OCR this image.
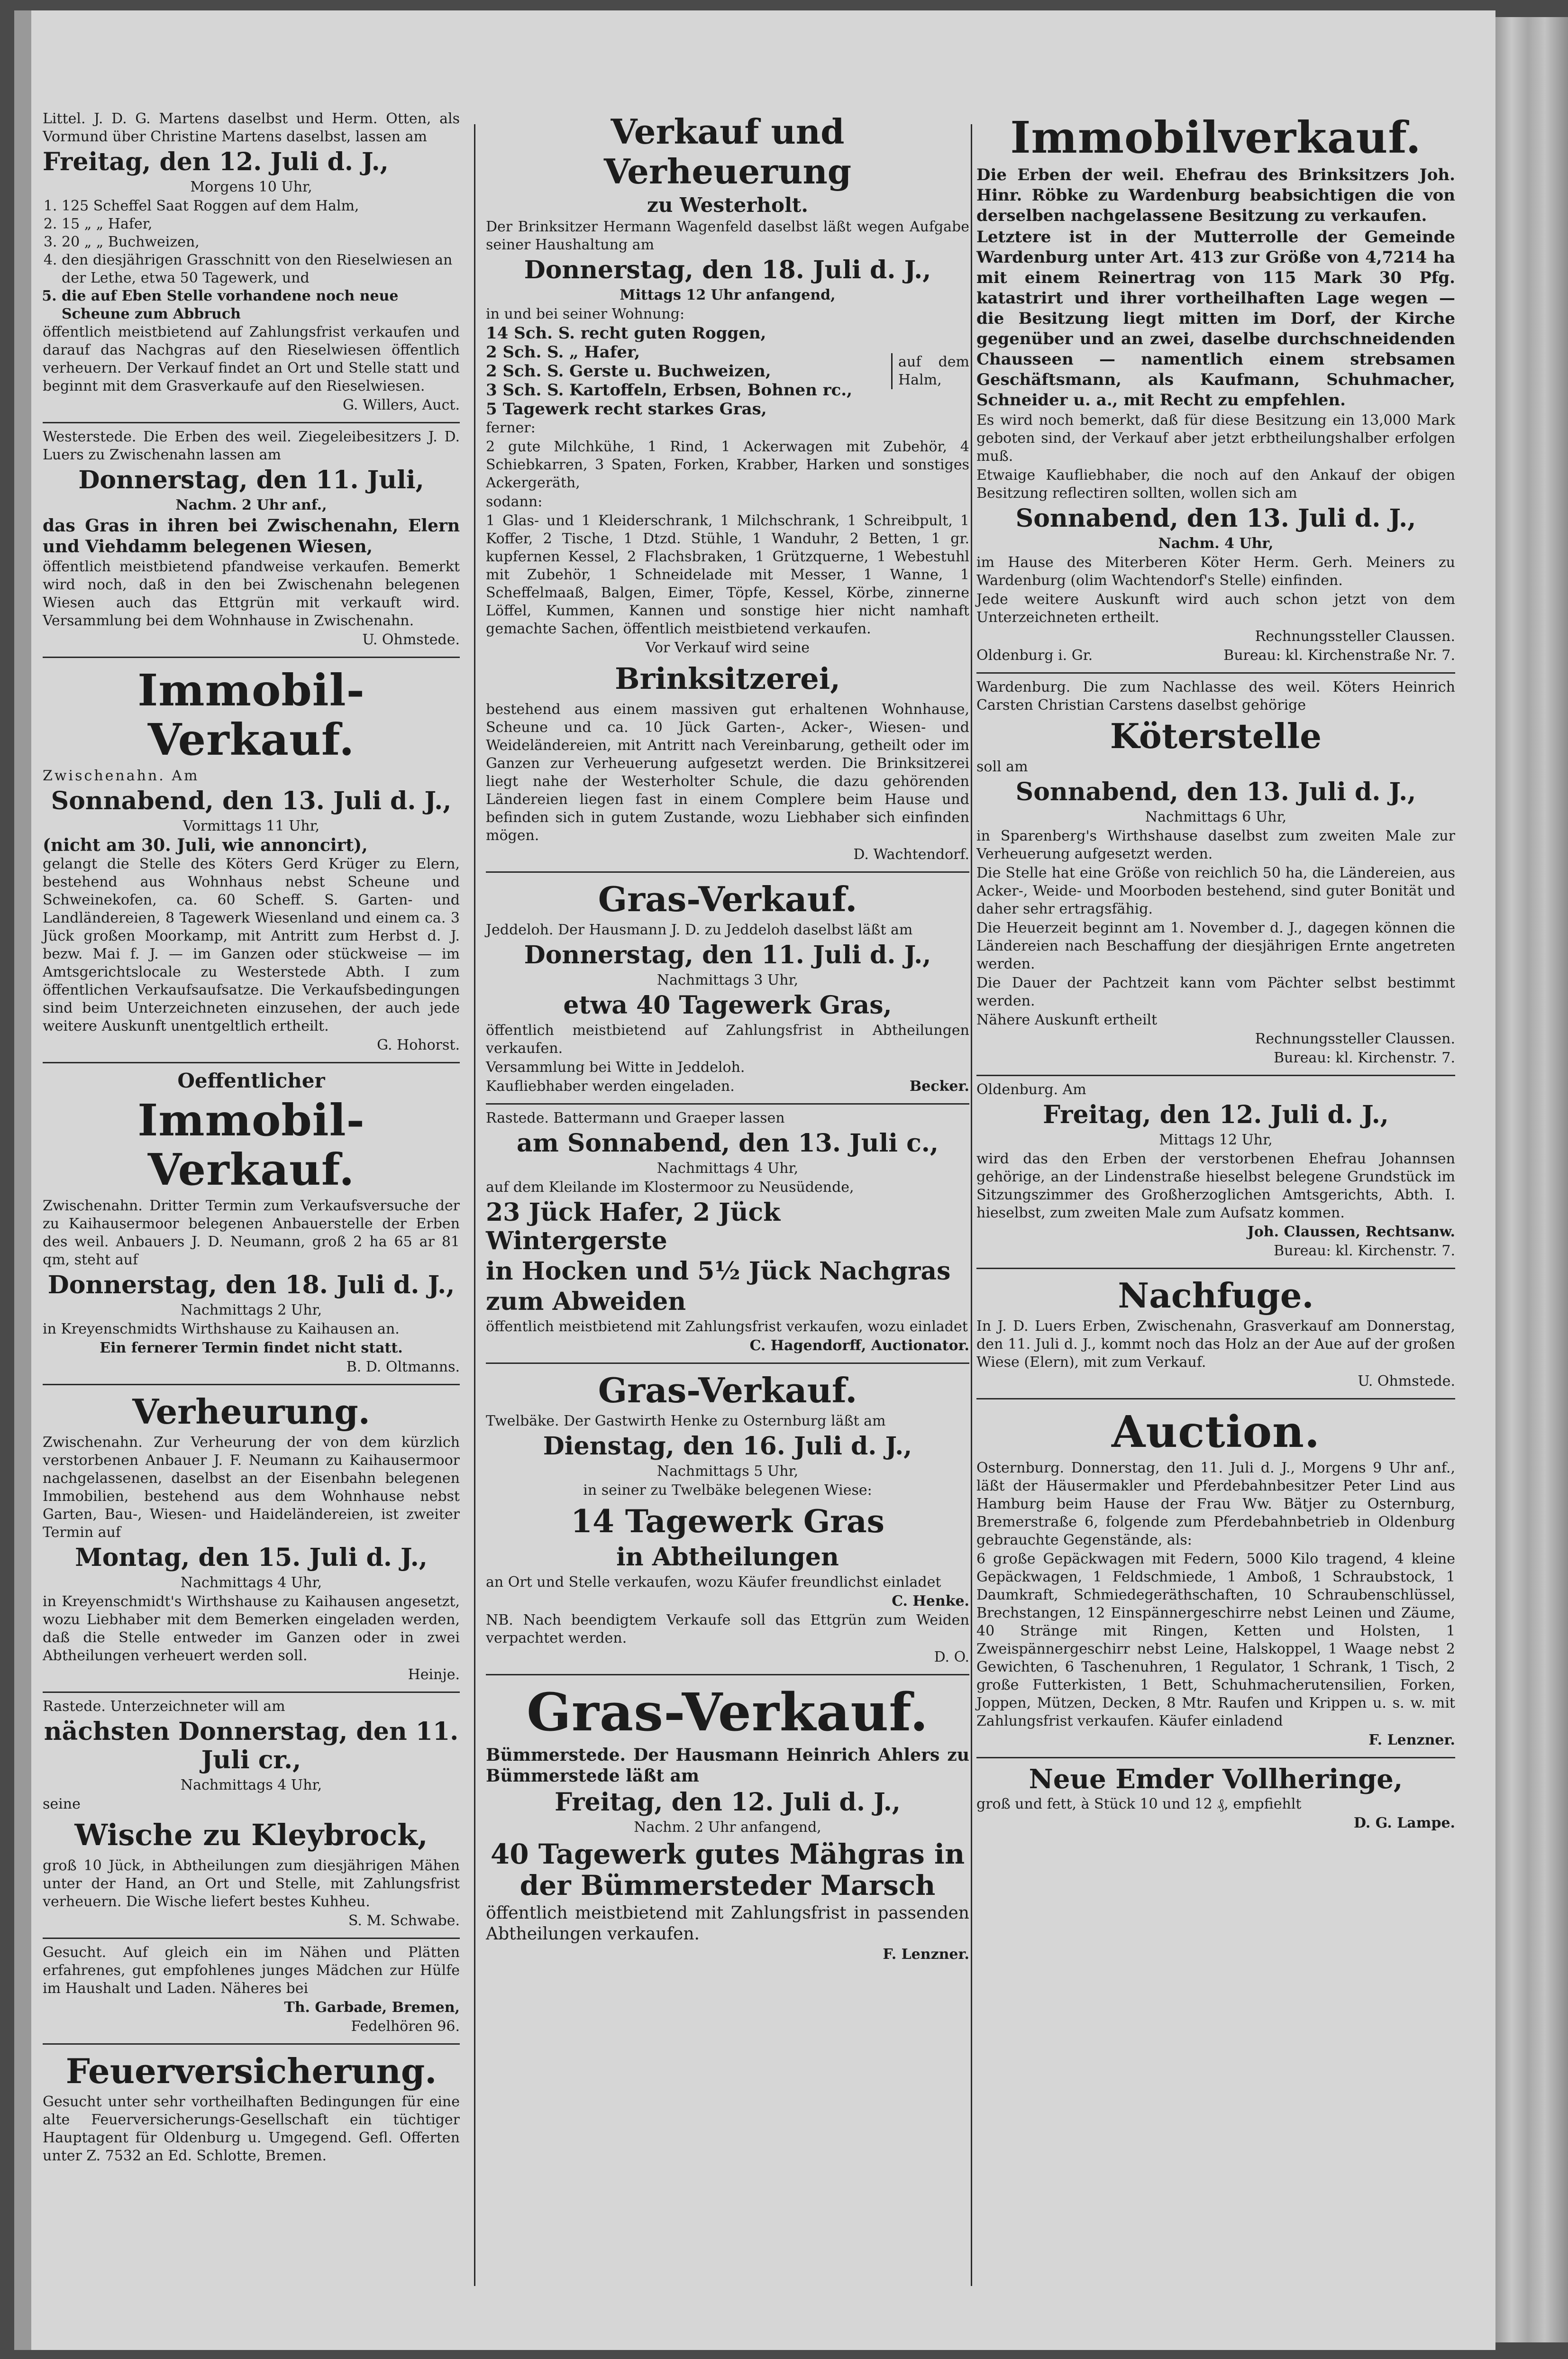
Littel. J. D. G. Martens daselbst und Herm. Otten, als Vormund über Christine Martens daselbst, lassen am

Freitag, den 12. Juli d. J.,

Morgens 10 Uhr,

1. 125 Scheffel Saat Roggen auf dem Halm,
2. 15 „ „ Hafer,
3. 20 „ „ Buchweizen,
4. den diesjährigen Grasschnitt von den Rieselwiesen an der Lethe, etwa 50 Tagewerk, und
5. die auf Eben Stelle vorhandene noch neue Scheune zum Abbruch

öffentlich meistbietend auf Zahlungsfrist verkaufen und darauf das Nachgras auf den Rieselwiesen öffentlich verheuern. Der Verkauf findet an Ort und Stelle statt und beginnt mit dem Grasverkaufe auf den Rieselwiesen.

G. Willers, Auct.

Westerstede. Die Erben des weil. Ziegeleibesitzers J. D. Luers zu Zwischenahn lassen am

Donnerstag, den 11. Juli,

Nachm. 2 Uhr anf.,

das Gras in ihren bei Zwischenahn, Elern und Viehdamm belegenen Wiesen,

öffentlich meistbietend pfandweise verkaufen. Bemerkt wird noch, daß in den bei Zwischenahn belegenen Wiesen auch das Ettgrün mit verkauft wird. Versammlung bei dem Wohnhause in Zwischenahn.

U. Ohmstede.

Immobil-Verkauf.

Zwischenahn. Am

Sonnabend, den 13. Juli d. J.,

Vormittags 11 Uhr,

(nicht am 30. Juli, wie annoncirt),

gelangt die Stelle des Köters Gerd Krüger zu Elern, bestehend aus Wohnhaus nebst Scheune und Schweinekofen, ca. 60 Scheff. S. Garten- und Landländereien, 8 Tagewerk Wiesenland und einem ca. 3 Jück großen Moorkamp, mit Antritt zum Herbst d. J. bezw. Mai f. J. — im Ganzen oder stückweise — im Amtsgerichtslocale zu Westerstede Abth. I zum öffentlichen Verkaufsaufsatze. Die Verkaufsbedingungen sind beim Unterzeichneten einzusehen, der auch jede weitere Auskunft unentgeltlich ertheilt.

G. Hohorst.

Oeffentlicher
Immobil-Verkauf.

Zwischenahn. Dritter Termin zum Verkaufsversuche der zu Kaihausermoor belegenen Anbauerstelle der Erben des weil. Anbauers J. D. Neumann, groß 2 ha 65 ar 81 qm, steht auf

Donnerstag, den 18. Juli d. J.,

Nachmittags 2 Uhr,

in Kreyenschmidts Wirthshause zu Kaihausen an.

Ein fernerer Termin findet nicht statt.

B. D. Oltmanns.

Verheurung.

Zwischenahn. Zur Verheurung der von dem kürzlich verstorbenen Anbauer J. F. Neumann zu Kaihausermoor nachgelassenen, daselbst an der Eisenbahn belegenen Immobilien, bestehend aus dem Wohnhause nebst Garten, Bau-, Wiesen- und Haideländereien, ist zweiter Termin auf

Montag, den 15. Juli d. J.,

Nachmittags 4 Uhr,

in Kreyenschmidt's Wirthshause zu Kaihausen angesetzt, wozu Liebhaber mit dem Bemerken eingeladen werden, daß die Stelle entweder im Ganzen oder in zwei Abtheilungen verheuert werden soll.

Heinje.

Rastede. Unterzeichneter will am

nächsten Donnerstag, den 11. Juli cr.,

Nachmittags 4 Uhr,

seine

Wische zu Kleybrock,

groß 10 Jück, in Abtheilungen zum diesjährigen Mähen unter der Hand, an Ort und Stelle, mit Zahlungsfrist verheuern. Die Wische liefert bestes Kuhheu.

S. M. Schwabe.

Gesucht. Auf gleich ein im Nähen und Plätten erfahrenes, gut empfohlenes junges Mädchen zur Hülfe im Haushalt und Laden. Näheres bei

Th. Garbade, Bremen,

Fedelhören 96.

Feuerversicherung.

Gesucht unter sehr vortheilhaften Bedingungen für eine alte Feuerversicherungs-Gesellschaft ein tüchtiger Hauptagent für Oldenburg u. Umgegend. Gefl. Offerten unter Z. 7532 an Ed. Schlotte, Bremen.

Verkauf und Verheuerung
zu Westerholt.

Der Brinksitzer Hermann Wagenfeld daselbst läßt wegen Aufgabe seiner Haushaltung am

Donnerstag, den 18. Juli d. J.,

Mittags 12 Uhr anfangend,

in und bei seiner Wohnung:

14 Sch. S. recht guten Roggen,

2 Sch. S. „ Hafer,

2 Sch. S. Gerste u. Buchweizen,

3 Sch. S. Kartoffeln, Erbsen, Bohnen rc.,

5 Tagewerk recht starkes Gras,

auf dem Halm,

ferner:

2 gute Milchkühe, 1 Rind, 1 Ackerwagen mit Zubehör, 4 Schiebkarren, 3 Spaten, Forken, Krabber, Harken und sonstiges Ackergeräth,

sodann:

1 Glas- und 1 Kleiderschrank, 1 Milchschrank, 1 Schreibpult, 1 Koffer, 2 Tische, 1 Dtzd. Stühle, 1 Wanduhr, 2 Betten, 1 gr. kupfernen Kessel, 2 Flachsbraken, 1 Grützquerne, 1 Webestuhl mit Zubehör, 1 Schneidelade mit Messer, 1 Wanne, 1 Scheffelmaaß, Balgen, Eimer, Töpfe, Kessel, Körbe, zinnerne Löffel, Kummen, Kannen und sonstige hier nicht namhaft gemachte Sachen, öffentlich meistbietend verkaufen.

Vor Verkauf wird seine

Brinksitzerei,

bestehend aus einem massiven gut erhaltenen Wohnhause, Scheune und ca. 10 Jück Garten-, Acker-, Wiesen- und Weideländereien, mit Antritt nach Vereinbarung, getheilt oder im Ganzen zur Verheuerung aufgesetzt werden. Die Brinksitzerei liegt nahe der Westerholter Schule, die dazu gehörenden Ländereien liegen fast in einem Complere beim Hause und befinden sich in gutem Zustande, wozu Liebhaber sich einfinden mögen.

D. Wachtendorf.

Gras-Verkauf.

Jeddeloh. Der Hausmann J. D. zu Jeddeloh daselbst läßt am

Donnerstag, den 11. Juli d. J.,

Nachmittags 3 Uhr,

etwa 40 Tagewerk Gras,

öffentlich meistbietend auf Zahlungsfrist in Abtheilungen verkaufen.

Versammlung bei Witte in Jeddeloh.

Kaufliebhaber werden eingeladen.	Becker.

Rastede. Battermann und Graeper lassen

am Sonnabend, den 13. Juli c.,

Nachmittags 4 Uhr,

auf dem Kleilande im Klostermoor zu Neusüdende,

23 Jück Hafer, 2 Jück Wintergerste
in Hocken und 5½ Jück Nachgras
zum Abweiden

öffentlich meistbietend mit Zahlungsfrist verkaufen, wozu einladet

C. Hagendorff, Auctionator.

Gras-Verkauf.

Twelbäke. Der Gastwirth Henke zu Osternburg läßt am

Dienstag, den 16. Juli d. J.,

Nachmittags 5 Uhr,

in seiner zu Twelbäke belegenen Wiese:

14 Tagewerk Gras
in Abtheilungen

an Ort und Stelle verkaufen, wozu Käufer freundlichst einladet

C. Henke.

NB. Nach beendigtem Verkaufe soll das Ettgrün zum Weiden verpachtet werden.

D. O.

Gras-Verkauf.

Bümmerstede. Der Hausmann Heinrich Ahlers zu Bümmerstede läßt am

Freitag, den 12. Juli d. J.,

Nachm. 2 Uhr anfangend,

40 Tagewerk gutes Mähgras in der Bümmersteder Marsch

öffentlich meistbietend mit Zahlungsfrist in passenden Abtheilungen verkaufen.

F. Lenzner.

Immobilverkauf.

Die Erben der weil. Ehefrau des Brinksitzers Joh. Hinr. Röbke zu Wardenburg beabsichtigen die von derselben nachgelassene Besitzung zu verkaufen.

Letztere ist in der Mutterrolle der Gemeinde Wardenburg unter Art. 413 zur Größe von 4,7214 ha mit einem Reinertrag von 115 Mark 30 Pfg. katastrirt und ihrer vortheilhaften Lage wegen — die Besitzung liegt mitten im Dorf, der Kirche gegenüber und an zwei, daselbe durchschneidenden Chausseen — namentlich einem strebsamen Geschäftsmann, als Kaufmann, Schuhmacher, Schneider u. a., mit Recht zu empfehlen.

Es wird noch bemerkt, daß für diese Besitzung ein 13,000 Mark geboten sind, der Verkauf aber jetzt erbtheilungshalber erfolgen muß.

Etwaige Kaufliebhaber, die noch auf den Ankauf der obigen Besitzung reflectiren sollten, wollen sich am

Sonnabend, den 13. Juli d. J.,

Nachm. 4 Uhr,

im Hause des Miterberen Köter Herm. Gerh. Meiners zu Wardenburg (olim Wachtendorf's Stelle) einfinden.

Jede weitere Auskunft wird auch schon jetzt von dem Unterzeichneten ertheilt.

Rechnungssteller Claussen.

Oldenburg i. Gr.	Bureau: kl. Kirchenstraße Nr. 7.

Wardenburg. Die zum Nachlasse des weil. Köters Heinrich Carsten Christian Carstens daselbst gehörige

Köterstelle

soll am

Sonnabend, den 13. Juli d. J.,

Nachmittags 6 Uhr,

in Sparenberg's Wirthshause daselbst zum zweiten Male zur Verheuerung aufgesetzt werden.

Die Stelle hat eine Größe von reichlich 50 ha, die Ländereien, aus Acker-, Weide- und Moorboden bestehend, sind guter Bonität und daher sehr ertragsfähig.

Die Heuerzeit beginnt am 1. November d. J., dagegen können die Ländereien nach Beschaffung der diesjährigen Ernte angetreten werden.

Die Dauer der Pachtzeit kann vom Pächter selbst bestimmt werden.

Nähere Auskunft ertheilt

Rechnungssteller Claussen.

Bureau: kl. Kirchenstr. 7.

Oldenburg. Am

Freitag, den 12. Juli d. J.,

Mittags 12 Uhr,

wird das den Erben der verstorbenen Ehefrau Johannsen gehörige, an der Lindenstraße hieselbst belegene Grundstück im Sitzungszimmer des Großherzoglichen Amtsgerichts, Abth. I. hieselbst, zum zweiten Male zum Aufsatz kommen.

Joh. Claussen, Rechtsanw.

Bureau: kl. Kirchenstr. 7.

Nachfuge.

In J. D. Luers Erben, Zwischenahn, Grasverkauf am Donnerstag, den 11. Juli d. J., kommt noch das Holz an der Aue auf der großen Wiese (Elern), mit zum Verkauf.

U. Ohmstede.

Auction.

Osternburg. Donnerstag, den 11. Juli d. J., Morgens 9 Uhr anf., läßt der Häusermakler und Pferdebahnbesitzer Peter Lind aus Hamburg beim Hause der Frau Ww. Bätjer zu Osternburg, Bremerstraße 6, folgende zum Pferdebahnbetrieb in Oldenburg gebrauchte Gegenstände, als:

6 große Gepäckwagen mit Federn, 5000 Kilo tragend, 4 kleine Gepäckwagen, 1 Feldschmiede, 1 Amboß, 1 Schraubstock, 1 Daumkraft, Schmiedegeräthschaften, 10 Schraubenschlüssel, Brechstangen, 12 Einspännergeschirre nebst Leinen und Zäume, 40 Stränge mit Ringen, Ketten und Holsten, 1 Zweispännergeschirr nebst Leine, Halskoppel, 1 Waage nebst 2 Gewichten, 6 Taschenuhren, 1 Regulator, 1 Schrank, 1 Tisch, 2 große Futterkisten, 1 Bett, Schuhmacherutensilien, Forken, Joppen, Mützen, Decken, 8 Mtr. Raufen und Krippen u. s. w. mit Zahlungsfrist verkaufen. Käufer einladend

F. Lenzner.

Neue Emder Vollheringe,

groß und fett, à Stück 10 und 12 ₰, empfiehlt

D. G. Lampe.
